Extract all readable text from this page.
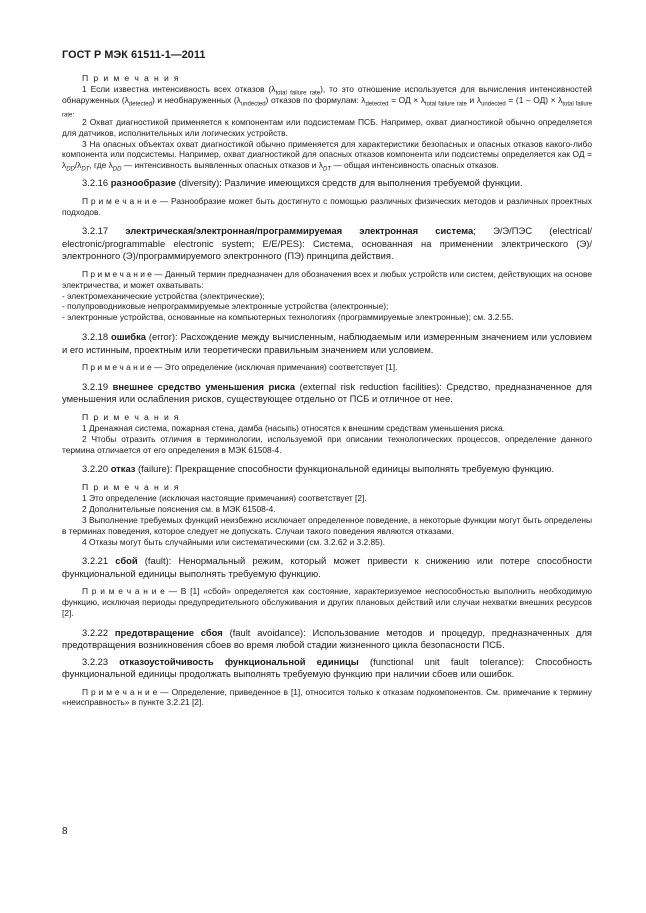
ГОСТ Р МЭК 61511-1—2011

П р и м е ч а н и я

1 Если известна интенсивность всех отказов $(\lambda_{total failure rate})$, то это отношение используется для вычисления интенсивностей обнаруженных $(\lambda_{detected})$ и необнаруженных $(\lambda_{undected})$ отказов по формулам: $\lambda_{detected}$ = ОД × $\lambda_{total failure rate}$ и $\lambda_{undected} = (1 - ОД) \times \lambda_{total failure rate}$.

2 Охват диагностикой применяется к компонентам или подсистемам ПСБ. Например, охват диагностикой обычно определяется для датчиков, исполнительных или логических устройств.

3 На опасных объектах охват диагностикой обычно применяется для характеристики безопасных и опасных отказов какого-либо компонента или подсистемы. Например, охват диагностикой для опасных отказов компонента или подсистемы определяется как ОД = $\lambda_{DD}/\lambda_{DT}$, где $\lambda_{DD}$ — интенсивность выявленных опасных отказов и $\lambda_{DT}$ — общая интенсивность опасных отказов.

3.2.16 разнообразие (diversity): Различие имеющихся средств для выполнения требуемой функции.

П р и м е ч а н и е — Разнообразие может быть достигнуто с помощью различных физических методов и различных проектных подходов.

3.2.17 электрическая/электронная/программируемая электронная система; Э/Э/ПЭС (electrical/ electronic/programmable electronic system; E/E/PES): Система, основанная на применении электрического (Э)/электронного (Э)/программируемого электронного (ПЭ) принципа действия.

П р и м е ч а н и е — Данный термин предназначен для обозначения всех и любых устройств или систем, действующих на основе электричества, и может охватывать:

- электромеханические устройства (электрические);

- полупроводниковые непрограммируемые электронные устройства (электронные);

- электронные устройства, основанные на компьютерных технологиях (программируемые электронные); см. 3.2.55.

3.2.18 ошибка (error): Расхождение между вычисленным, наблюдаемым или измеренным значением или условием и его истинным, проектным или теоретически правильным значением или условием.

П р и м е ч а н и е — Это определение (исключая примечания) соответствует [1].

3.2.19 внешнее средство уменьшения риска (external risk reduction facilities): Средство, предназначенное для уменьшения или ослабления рисков, существующее отдельно от ПСБ и отличное от нее.

П р и м е ч а н и я

1 Дренажная система, пожарная стена, дамба (насыпь) относятся к внешним средствам уменьшения риска.

2 Чтобы отразить отличия в терминологии, используемой при описании технологических процессов, определение данного термина отличается от его определения в МЭК 61508-4.

3.2.20 отказ (failure): Прекращение способности функциональной единицы выполнять требуемую функцию.

П р и м е ч а н и я

1 Это определение (исключая настоящие примечания) соответствует [2].

2 Дополнительные пояснения см. в МЭК 61508-4.

3 Выполнение требуемых функций неизбежно исключает определенное поведение, а некоторые функции могут быть определены в терминах поведения, которое следует не допускать. Случаи такого поведения являются отказами.

4 Отказы могут быть случайными или систематическими (см. 3.2.62 и 3.2.85).

3.2.21 сбой (fault): Ненормальный режим, который может привести к снижению или потере способности функциональной единицы выполнять требуемую функцию.

П р и м е ч а н и е — В [1] «сбой» определяется как состояние, характеризуемое неспособностью выполнить необходимую функцию, исключая периоды предупредительного обслуживания и других плановых действий или случаи нехватки внешних ресурсов [2].

3.2.22 предотвращение сбоя (fault avoidance): Использование методов и процедур, предназначенных для предотвращения возникновения сбоев во время любой стадии жизненного цикла безопасности ПСБ.

3.2.23 отказоустойчивость функциональной единицы (functional unit fault tolerance): Способность функциональной единицы продолжать выполнять требуемую функцию при наличии сбоев или ошибок.

П р и м е ч а н и е — Определение, приведенное в [1], относится только к отказам подкомпонентов. См. примечание к термину «неисправность» в пункте 3.2.21 [2].

8
